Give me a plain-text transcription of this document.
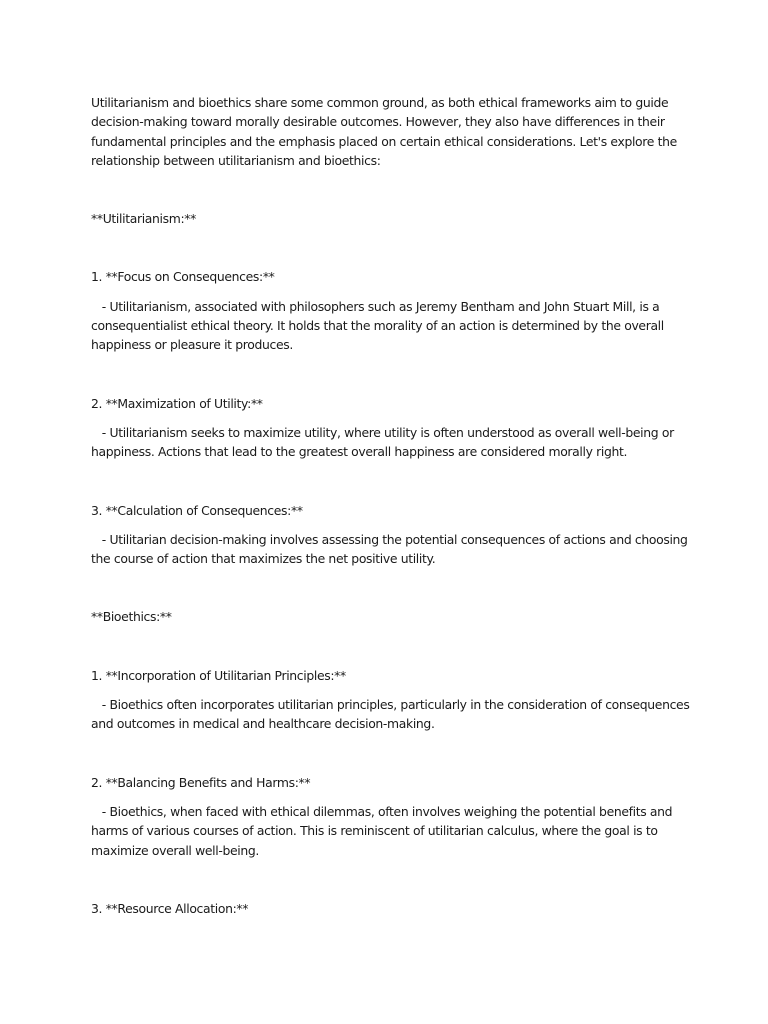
Utilitarianism and bioethics share some common ground, as both ethical frameworks aim to guide decision-making toward morally desirable outcomes. However, they also have differences in their fundamental principles and the emphasis placed on certain ethical considerations. Let's explore the relationship between utilitarianism and bioethics:

**Utilitarianism:**

1. **Focus on Consequences:**

- Utilitarianism, associated with philosophers such as Jeremy Bentham and John Stuart Mill, is a consequentialist ethical theory. It holds that the morality of an action is determined by the overall happiness or pleasure it produces.

2. **Maximization of Utility:**

- Utilitarianism seeks to maximize utility, where utility is often understood as overall well-being or happiness. Actions that lead to the greatest overall happiness are considered morally right.

3. **Calculation of Consequences:**

- Utilitarian decision-making involves assessing the potential consequences of actions and choosing the course of action that maximizes the net positive utility.

**Bioethics:**

1. **Incorporation of Utilitarian Principles:**

- Bioethics often incorporates utilitarian principles, particularly in the consideration of consequences and outcomes in medical and healthcare decision-making.

2. **Balancing Benefits and Harms:**

- Bioethics, when faced with ethical dilemmas, often involves weighing the potential benefits and harms of various courses of action. This is reminiscent of utilitarian calculus, where the goal is to maximize overall well-being.

3. **Resource Allocation:**
